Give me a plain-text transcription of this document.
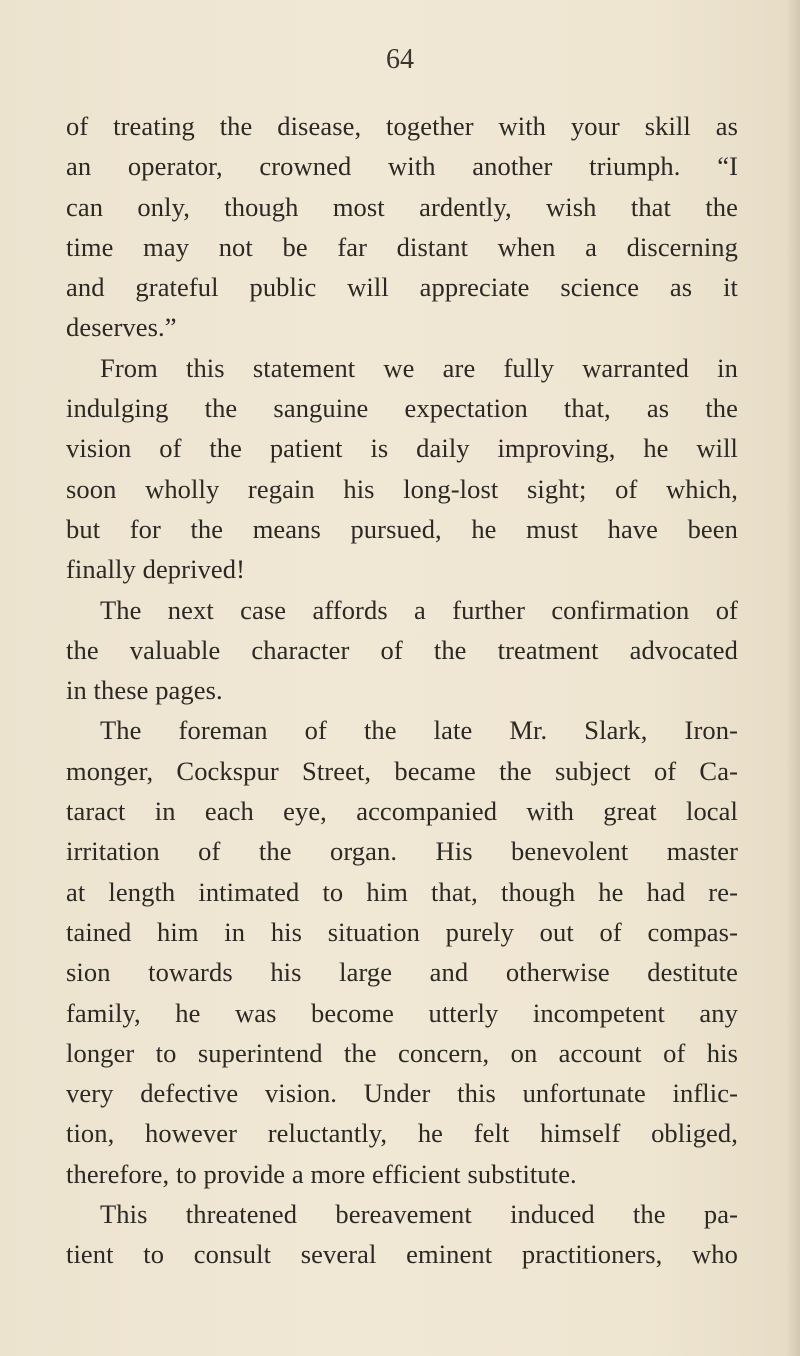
64
of treating the disease, together with your skill as
an operator, crowned with another triumph. “I
can only, though most ardently, wish that the
time may not be far distant when a discerning
and grateful public will appreciate science as it
deserves.”
From this statement we are fully warranted in
indulging the sanguine expectation that, as the
vision of the patient is daily improving, he will
soon wholly regain his long-lost sight; of which,
but for the means pursued, he must have been
finally deprived!
The next case affords a further confirmation of
the valuable character of the treatment advocated
in these pages.
The foreman of the late Mr. Slark, Iron-
monger, Cockspur Street, became the subject of Ca-
taract in each eye, accompanied with great local
irritation of the organ. His benevolent master
at length intimated to him that, though he had re-
tained him in his situation purely out of compas-
sion towards his large and otherwise destitute
family, he was become utterly incompetent any
longer to superintend the concern, on account of his
very defective vision. Under this unfortunate inflic-
tion, however reluctantly, he felt himself obliged,
therefore, to provide a more efficient substitute.
This threatened bereavement induced the pa-
tient to consult several eminent practitioners, who
